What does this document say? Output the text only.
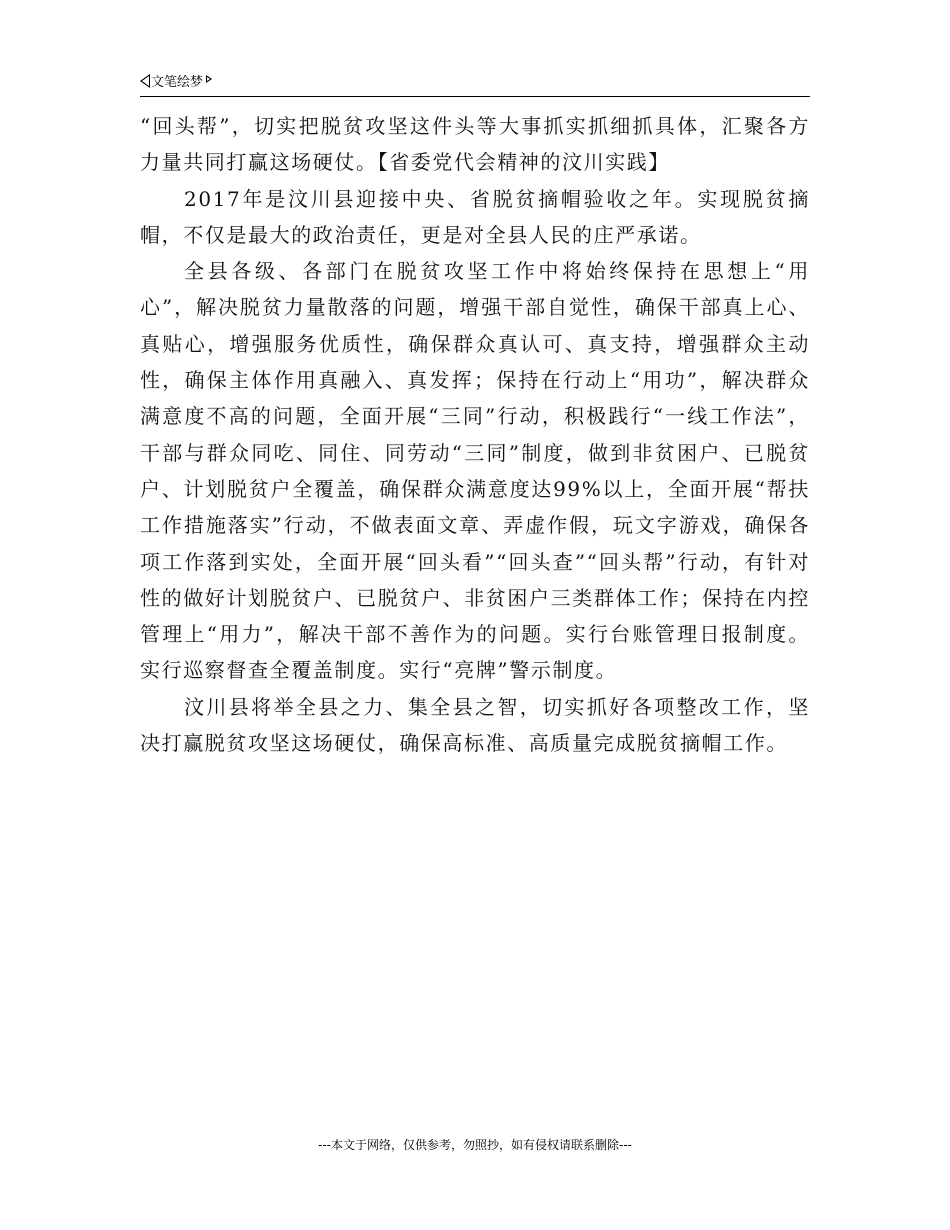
文笔绘梦

“回头帮”，切实把脱贫攻坚这件头等大事抓实抓细抓具体，汇聚各方力量共同打赢这场硬仗。【省委党代会精神的汶川实践】

2017年是汶川县迎接中央、省脱贫摘帽验收之年。实现脱贫摘帽，不仅是最大的政治责任，更是对全县人民的庄严承诺。

全县各级、各部门在脱贫攻坚工作中将始终保持在思想上“用心”，解决脱贫力量散落的问题，增强干部自觉性，确保干部真上心、真贴心，增强服务优质性，确保群众真认可、真支持，增强群众主动性，确保主体作用真融入、真发挥；保持在行动上“用功”，解决群众满意度不高的问题，全面开展“三同”行动，积极践行“一线工作法”，干部与群众同吃、同住、同劳动“三同”制度，做到非贫困户、已脱贫户、计划脱贫户全覆盖，确保群众满意度达99%以上，全面开展“帮扶工作措施落实”行动，不做表面文章、弄虚作假，玩文字游戏，确保各项工作落到实处，全面开展“回头看”“回头查”“回头帮”行动，有针对性的做好计划脱贫户、已脱贫户、非贫困户三类群体工作；保持在内控管理上“用力”，解决干部不善作为的问题。实行台账管理日报制度。实行巡察督查全覆盖制度。实行“亮牌”警示制度。

汶川县将举全县之力、集全县之智，切实抓好各项整改工作，坚决打赢脱贫攻坚这场硬仗，确保高标准、高质量完成脱贫摘帽工作。

---本文于网络，仅供参考，勿照抄，如有侵权请联系删除---
